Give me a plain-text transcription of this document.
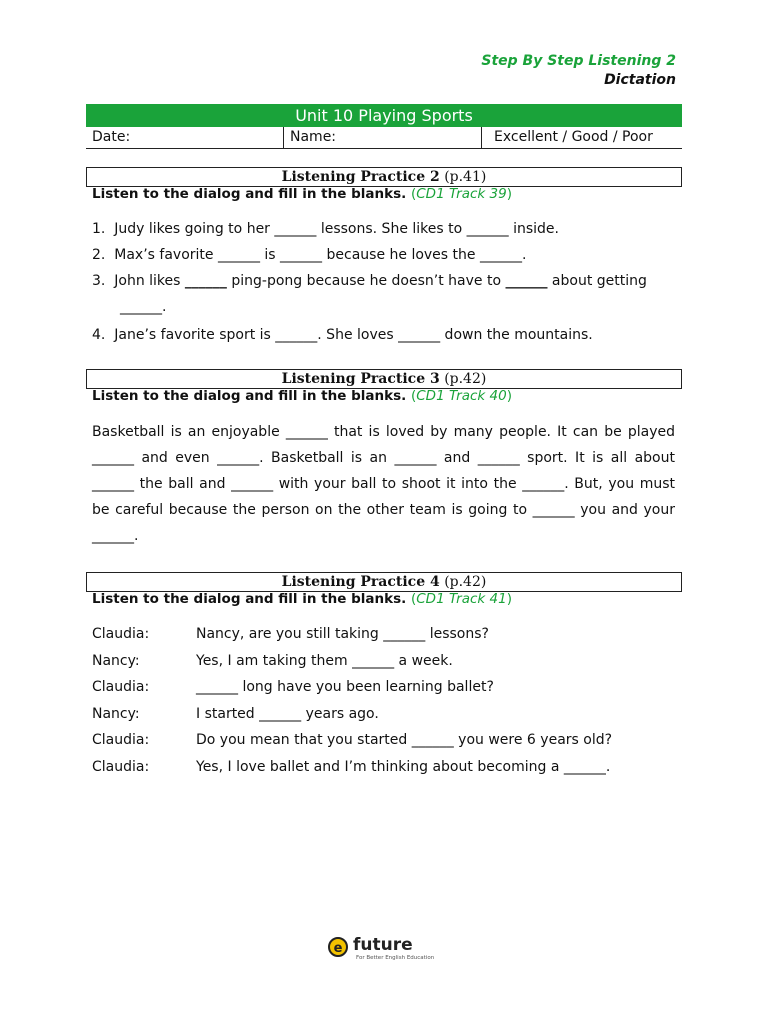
Step By Step Listening 2
Dictation
Unit 10 Playing Sports
Date:	Name:	Excellent / Good / Poor
Listening Practice 2 (p.41)
Listen to the dialog and fill in the blanks. (CD1 Track 39)
1. Judy likes going to her ______ lessons. She likes to ______ inside.
2. Max’s favorite ______ is ______ because he loves the ______.
3. John likes ______ ping-pong because he doesn’t have to ______ about getting
______.
4. Jane’s favorite sport is ______. She loves ______ down the mountains.
Listening Practice 3 (p.42)
Listen to the dialog and fill in the blanks. (CD1 Track 40)
Basketball is an enjoyable ______ that is loved by many people. It can be played
______ and even ______. Basketball is an ______ and ______ sport. It is all about
______ the ball and ______ with your ball to shoot it into the ______. But, you must
be careful because the person on the other team is going to ______ you and your
______.
Listening Practice 4 (p.42)
Listen to the dialog and fill in the blanks. (CD1 Track 41)
Claudia:	Nancy, are you still taking ______ lessons?
Nancy:	Yes, I am taking them ______ a week.
Claudia:	______ long have you been learning ballet?
Nancy:	I started ______ years ago.
Claudia:	Do you mean that you started ______ you were 6 years old?
Claudia:	Yes, I love ballet and I’m thinking about becoming a ______.
e future
For Better English Education
